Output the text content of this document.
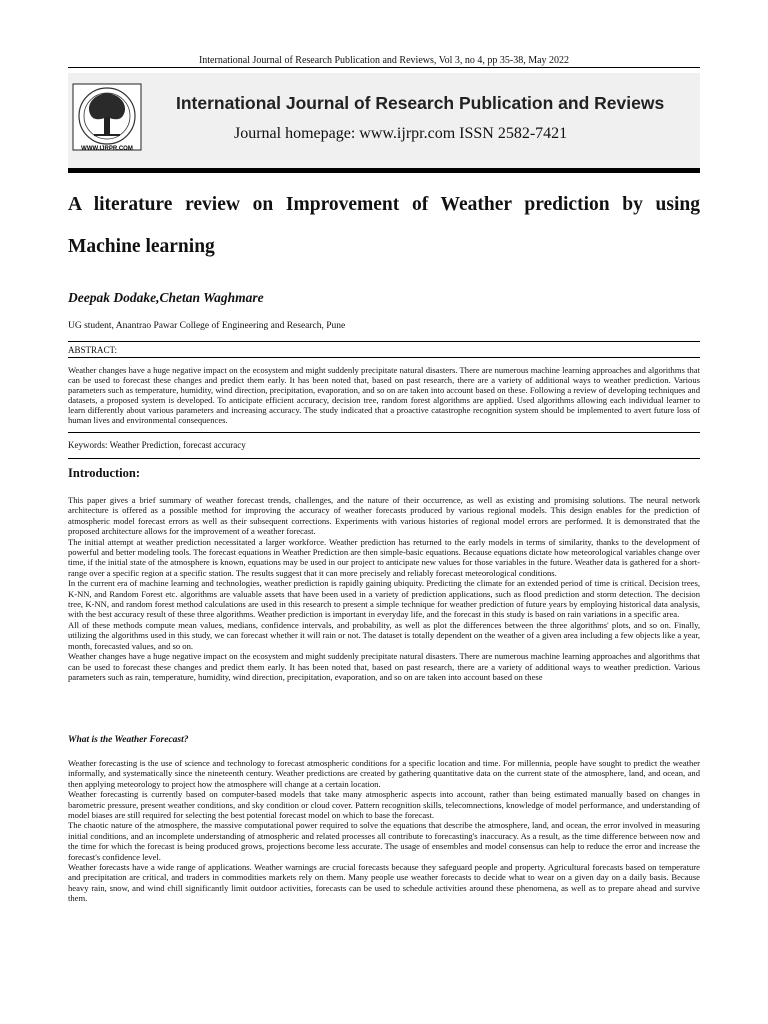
International Journal of Research Publication and Reviews, Vol 3, no 4, pp 35-38, May 2022
WWW.IJRPR.COM
International Journal of Research Publication and Reviews
Journal homepage: www.ijrpr.com ISSN 2582-7421
A literature review on Improvement of Weather prediction by using Machine learning
Deepak Dodake,Chetan Waghmare
UG student, Anantrao Pawar College of Engineering and Research, Pune
ABSTRACT:

Weather changes have a huge negative impact on the ecosystem and might suddenly precipitate natural disasters. There are numerous machine learning approaches and algorithms that can be used to forecast these changes and predict them early. It has been noted that, based on past research, there are a variety of additional ways to weather prediction. Various parameters such as temperature, humidity, wind direction, precipitation, evaporation, and so on are taken into account based on these. Following a review of developing techniques and datasets, a proposed system is developed. To anticipate efficient accuracy, decision tree, random forest algorithms are applied. Used algorithms allowing each individual learner to learn differently about various parameters and increasing accuracy. The study indicated that a proactive catastrophe recognition system should be implemented to avert future loss of human lives and environmental consequences.

Keywords: Weather Prediction, forecast accuracy
Introduction:

This paper gives a brief summary of weather forecast trends, challenges, and the nature of their occurrence, as well as existing and promising solutions. The neural network architecture is offered as a possible method for improving the accuracy of weather forecasts produced by various regional models. This design enables for the prediction of atmospheric model forecast errors as well as their subsequent corrections. Experiments with various histories of regional model errors are performed. It is demonstrated that the proposed architecture allows for the improvement of a weather forecast.

The initial attempt at weather prediction necessitated a larger workforce. Weather prediction has returned to the early models in terms of similarity, thanks to the development of powerful and better modeling tools. The forecast equations in Weather Prediction are then simple-basic equations. Because equations dictate how meteorological variables change over time, if the initial state of the atmosphere is known, equations may be used in our project to anticipate new values for those variables in the future. Weather data is gathered for a short-range over a specific region at a specific station. The results suggest that it can more precisely and reliably forecast meteorological conditions.

In the current era of machine learning and technologies, weather prediction is rapidly gaining ubiquity. Predicting the climate for an extended period of time is critical. Decision trees, K-NN, and Random Forest etc. algorithms are valuable assets that have been used in a variety of prediction applications, such as flood prediction and storm detection. The decision tree, K-NN, and random forest method calculations are used in this research to present a simple technique for weather prediction of future years by employing historical data analysis, with the best accuracy result of these three algorithms. Weather prediction is important in everyday life, and the forecast in this study is based on rain variations in a specific area.

All of these methods compute mean values, medians, confidence intervals, and probability, as well as plot the differences between the three algorithms' plots, and so on. Finally, utilizing the algorithms used in this study, we can forecast whether it will rain or not. The dataset is totally dependent on the weather of a given area including a few objects like a year, month, forecasted values, and so on.

Weather changes have a huge negative impact on the ecosystem and might suddenly precipitate natural disasters. There are numerous machine learning approaches and algorithms that can be used to forecast these changes and predict them early. It has been noted that, based on past research, there are a variety of additional ways to weather prediction. Various parameters such as rain, temperature, humidity, wind direction, precipitation, evaporation, and so on are taken into account based on these

What is the Weather Forecast?

Weather forecasting is the use of science and technology to forecast atmospheric conditions for a specific location and time. For millennia, people have sought to predict the weather informally, and systematically since the nineteenth century. Weather predictions are created by gathering quantitative data on the current state of the atmosphere, land, and ocean, and then applying meteorology to project how the atmosphere will change at a certain location.

Weather forecasting is currently based on computer-based models that take many atmospheric aspects into account, rather than being estimated manually based on changes in barometric pressure, present weather conditions, and sky condition or cloud cover. Pattern recognition skills, telecomnections, knowledge of model performance, and understanding of model biases are still required for selecting the best potential forecast model on which to base the forecast.

The chaotic nature of the atmosphere, the massive computational power required to solve the equations that describe the atmosphere, land, and ocean, the error involved in measuring initial conditions, and an incomplete understanding of atmospheric and related processes all contribute to forecasting's inaccuracy. As a result, as the time difference between now and the time for which the forecast is being produced grows, projections become less accurate. The usage of ensembles and model consensus can help to reduce the error and increase the forecast's confidence level.

Weather forecasts have a wide range of applications. Weather warnings are crucial forecasts because they safeguard people and property. Agricultural forecasts based on temperature and precipitation are critical, and traders in commodities markets rely on them. Many people use weather forecasts to decide what to wear on a given day on a daily basis. Because heavy rain, snow, and wind chill significantly limit outdoor activities, forecasts can be used to schedule activities around these phenomena, as well as to prepare ahead and survive them.
